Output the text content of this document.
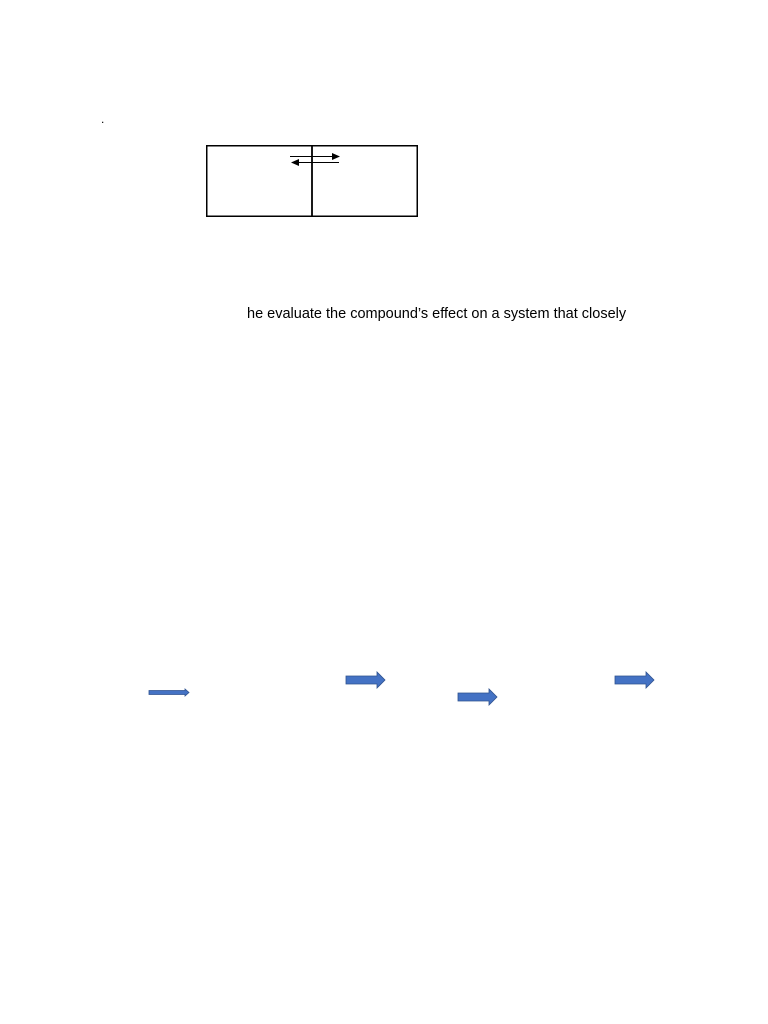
.
he evaluate the compound’s effect on a system that closely
